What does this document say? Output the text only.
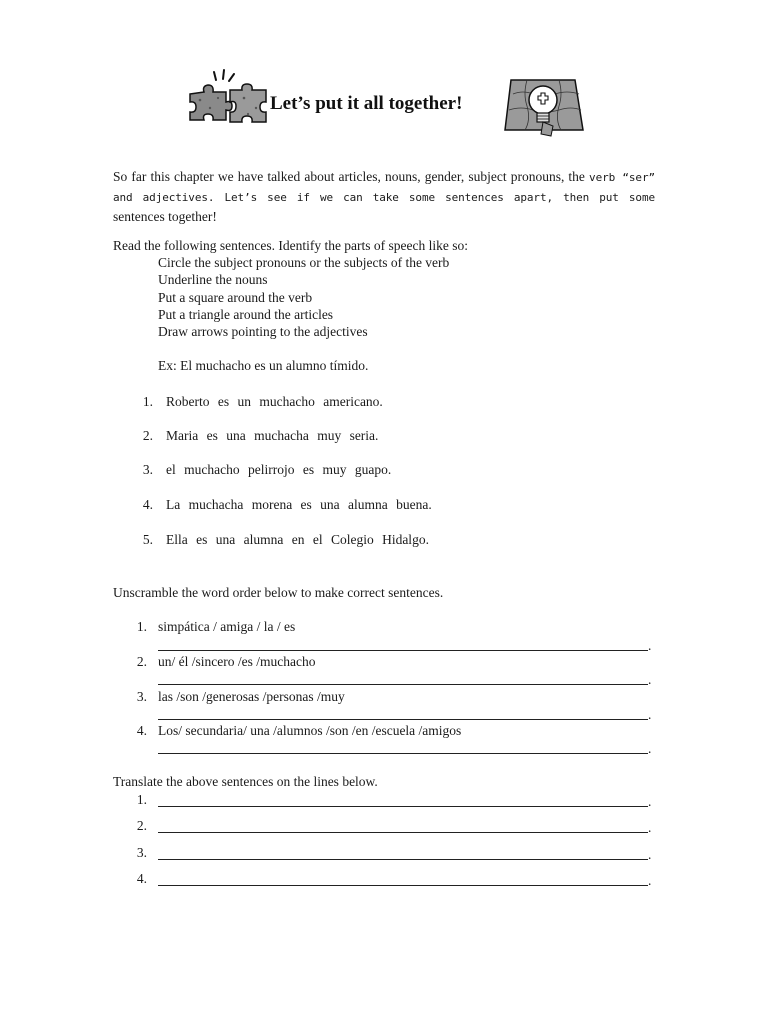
Let’s put it all together!
So far this chapter we have talked about articles, nouns, gender, subject pronouns, the verb “ser” and adjectives. Let’s see if we can take some sentences apart, then put some sentences together!
Read the following sentences. Identify the parts of speech like so:
Circle the subject pronouns or the subjects of the verb
Underline the nouns
Put a square around the verb
Put a triangle around the articles
Draw arrows pointing to the adjectives
Ex: El muchacho es un alumno tímido.
1. Roberto es un muchacho americano.
2. Maria es una muchacha muy seria.
3. el muchacho pelirrojo es muy guapo.
4. La muchacha morena es una alumna buena.
5. Ella es una alumna en el Colegio Hidalgo.
Unscramble the word order below to make correct sentences.
1. simpática / amiga / la / es
.
2. un/ él /sincero /es /muchacho
.
3. las /son /generosas /personas /muy
.
4. Los/ secundaria/ una /alumnos /son /en /escuela /amigos
.
Translate the above sentences on the lines below.
1.	.
2.	.
3.	.
4.	.
